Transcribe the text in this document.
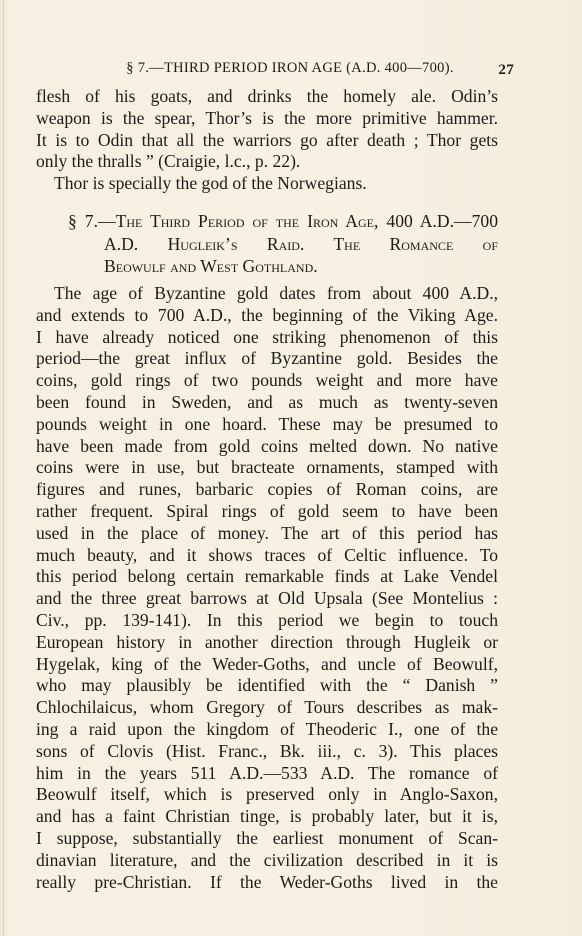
§ 7.—THIRD PERIOD IRON AGE (A.D. 400—700).	27
flesh of his goats, and drinks the homely ale. Odin’s
weapon is the spear, Thor’s is the more primitive hammer.
It is to Odin that all the warriors go after death ; Thor gets
only the thralls ” (Craigie, l.c., p. 22).
Thor is specially the god of the Norwegians.
§ 7.—The Third Period of the Iron Age, 400 A.D.—700
A.D. Hugleik’s Raid. The Romance of
Beowulf and West Gothland.
The age of Byzantine gold dates from about 400 A.D.,
and extends to 700 A.D., the beginning of the Viking Age.
I have already noticed one striking phenomenon of this
period—the great influx of Byzantine gold. Besides the
coins, gold rings of two pounds weight and more have
been found in Sweden, and as much as twenty-seven
pounds weight in one hoard. These may be presumed to
have been made from gold coins melted down. No native
coins were in use, but bracteate ornaments, stamped with
figures and runes, barbaric copies of Roman coins, are
rather frequent. Spiral rings of gold seem to have been
used in the place of money. The art of this period has
much beauty, and it shows traces of Celtic influence. To
this period belong certain remarkable finds at Lake Vendel
and the three great barrows at Old Upsala (See Montelius :
Civ., pp. 139-141). In this period we begin to touch
European history in another direction through Hugleik or
Hygelak, king of the Weder-Goths, and uncle of Beowulf,
who may plausibly be identified with the “ Danish ”
Chlochilaicus, whom Gregory of Tours describes as mak-
ing a raid upon the kingdom of Theoderic I., one of the
sons of Clovis (Hist. Franc., Bk. iii., c. 3). This places
him in the years 511 A.D.—533 A.D. The romance of
Beowulf itself, which is preserved only in Anglo-Saxon,
and has a faint Christian tinge, is probably later, but it is,
I suppose, substantially the earliest monument of Scan-
dinavian literature, and the civilization described in it is
really pre-Christian. If the Weder-Goths lived in the
